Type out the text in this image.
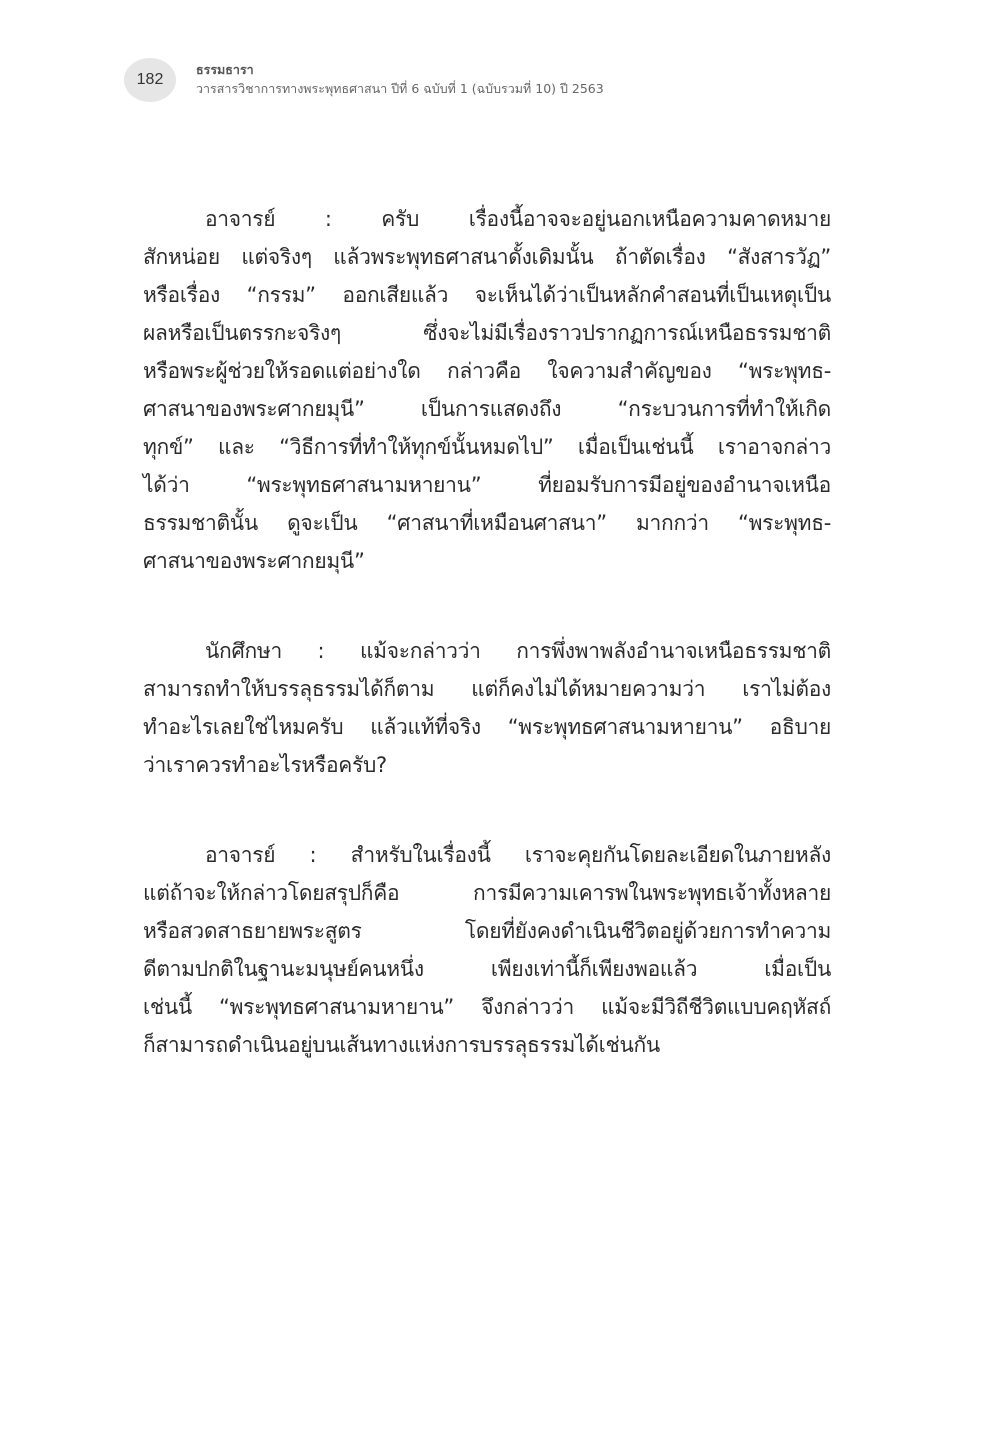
182
ธรรมธารา
วารสารวิชาการทางพระพุทธศาสนา ปีที่ 6 ฉบับที่ 1 (ฉบับรวมที่ 10) ปี 2563

อาจารย์ : ครับ เรื่องนี้อาจจะอยู่นอกเหนือความคาดหมาย
สักหน่อย แต่จริงๆ แล้วพระพุทธศาสนาดั้งเดิมนั้น ถ้าตัดเรื่อง “สังสารวัฏ”
หรือเรื่อง “กรรม” ออกเสียแล้ว จะเห็นได้ว่าเป็นหลักคำสอนที่เป็นเหตุเป็น
ผลหรือเป็นตรรกะจริงๆ ซึ่งจะไม่มีเรื่องราวปรากฏการณ์เหนือธรรมชาติ
หรือพระผู้ช่วยให้รอดแต่อย่างใด กล่าวคือ ใจความสำคัญของ “พระพุทธ-
ศาสนาของพระศากยมุนี” เป็นการแสดงถึง “กระบวนการที่ทำให้เกิด
ทุกข์” และ “วิธีการที่ทำให้ทุกข์นั้นหมดไป” เมื่อเป็นเช่นนี้ เราอาจกล่าว
ได้ว่า “พระพุทธศาสนามหายาน” ที่ยอมรับการมีอยู่ของอำนาจเหนือ
ธรรมชาตินั้น ดูจะเป็น “ศาสนาที่เหมือนศาสนา” มากกว่า “พระพุทธ-
ศาสนาของพระศากยมุนี”

นักศึกษา : แม้จะกล่าวว่า การพึ่งพาพลังอำนาจเหนือธรรมชาติ
สามารถทำให้บรรลุธรรมได้ก็ตาม แต่ก็คงไม่ได้หมายความว่า เราไม่ต้อง
ทำอะไรเลยใช่ไหมครับ แล้วแท้ที่จริง “พระพุทธศาสนามหายาน” อธิบาย
ว่าเราควรทำอะไรหรือครับ?

อาจารย์ : สำหรับในเรื่องนี้ เราจะคุยกันโดยละเอียดในภายหลัง
แต่ถ้าจะให้กล่าวโดยสรุปก็คือ การมีความเคารพในพระพุทธเจ้าทั้งหลาย
หรือสวดสาธยายพระสูตร โดยที่ยังคงดำเนินชีวิตอยู่ด้วยการทำความ
ดีตามปกติในฐานะมนุษย์คนหนึ่ง เพียงเท่านี้ก็เพียงพอแล้ว เมื่อเป็น
เช่นนี้ “พระพุทธศาสนามหายาน” จึงกล่าวว่า แม้จะมีวิถีชีวิตแบบคฤหัสถ์
ก็สามารถดำเนินอยู่บนเส้นทางแห่งการบรรลุธรรมได้เช่นกัน
